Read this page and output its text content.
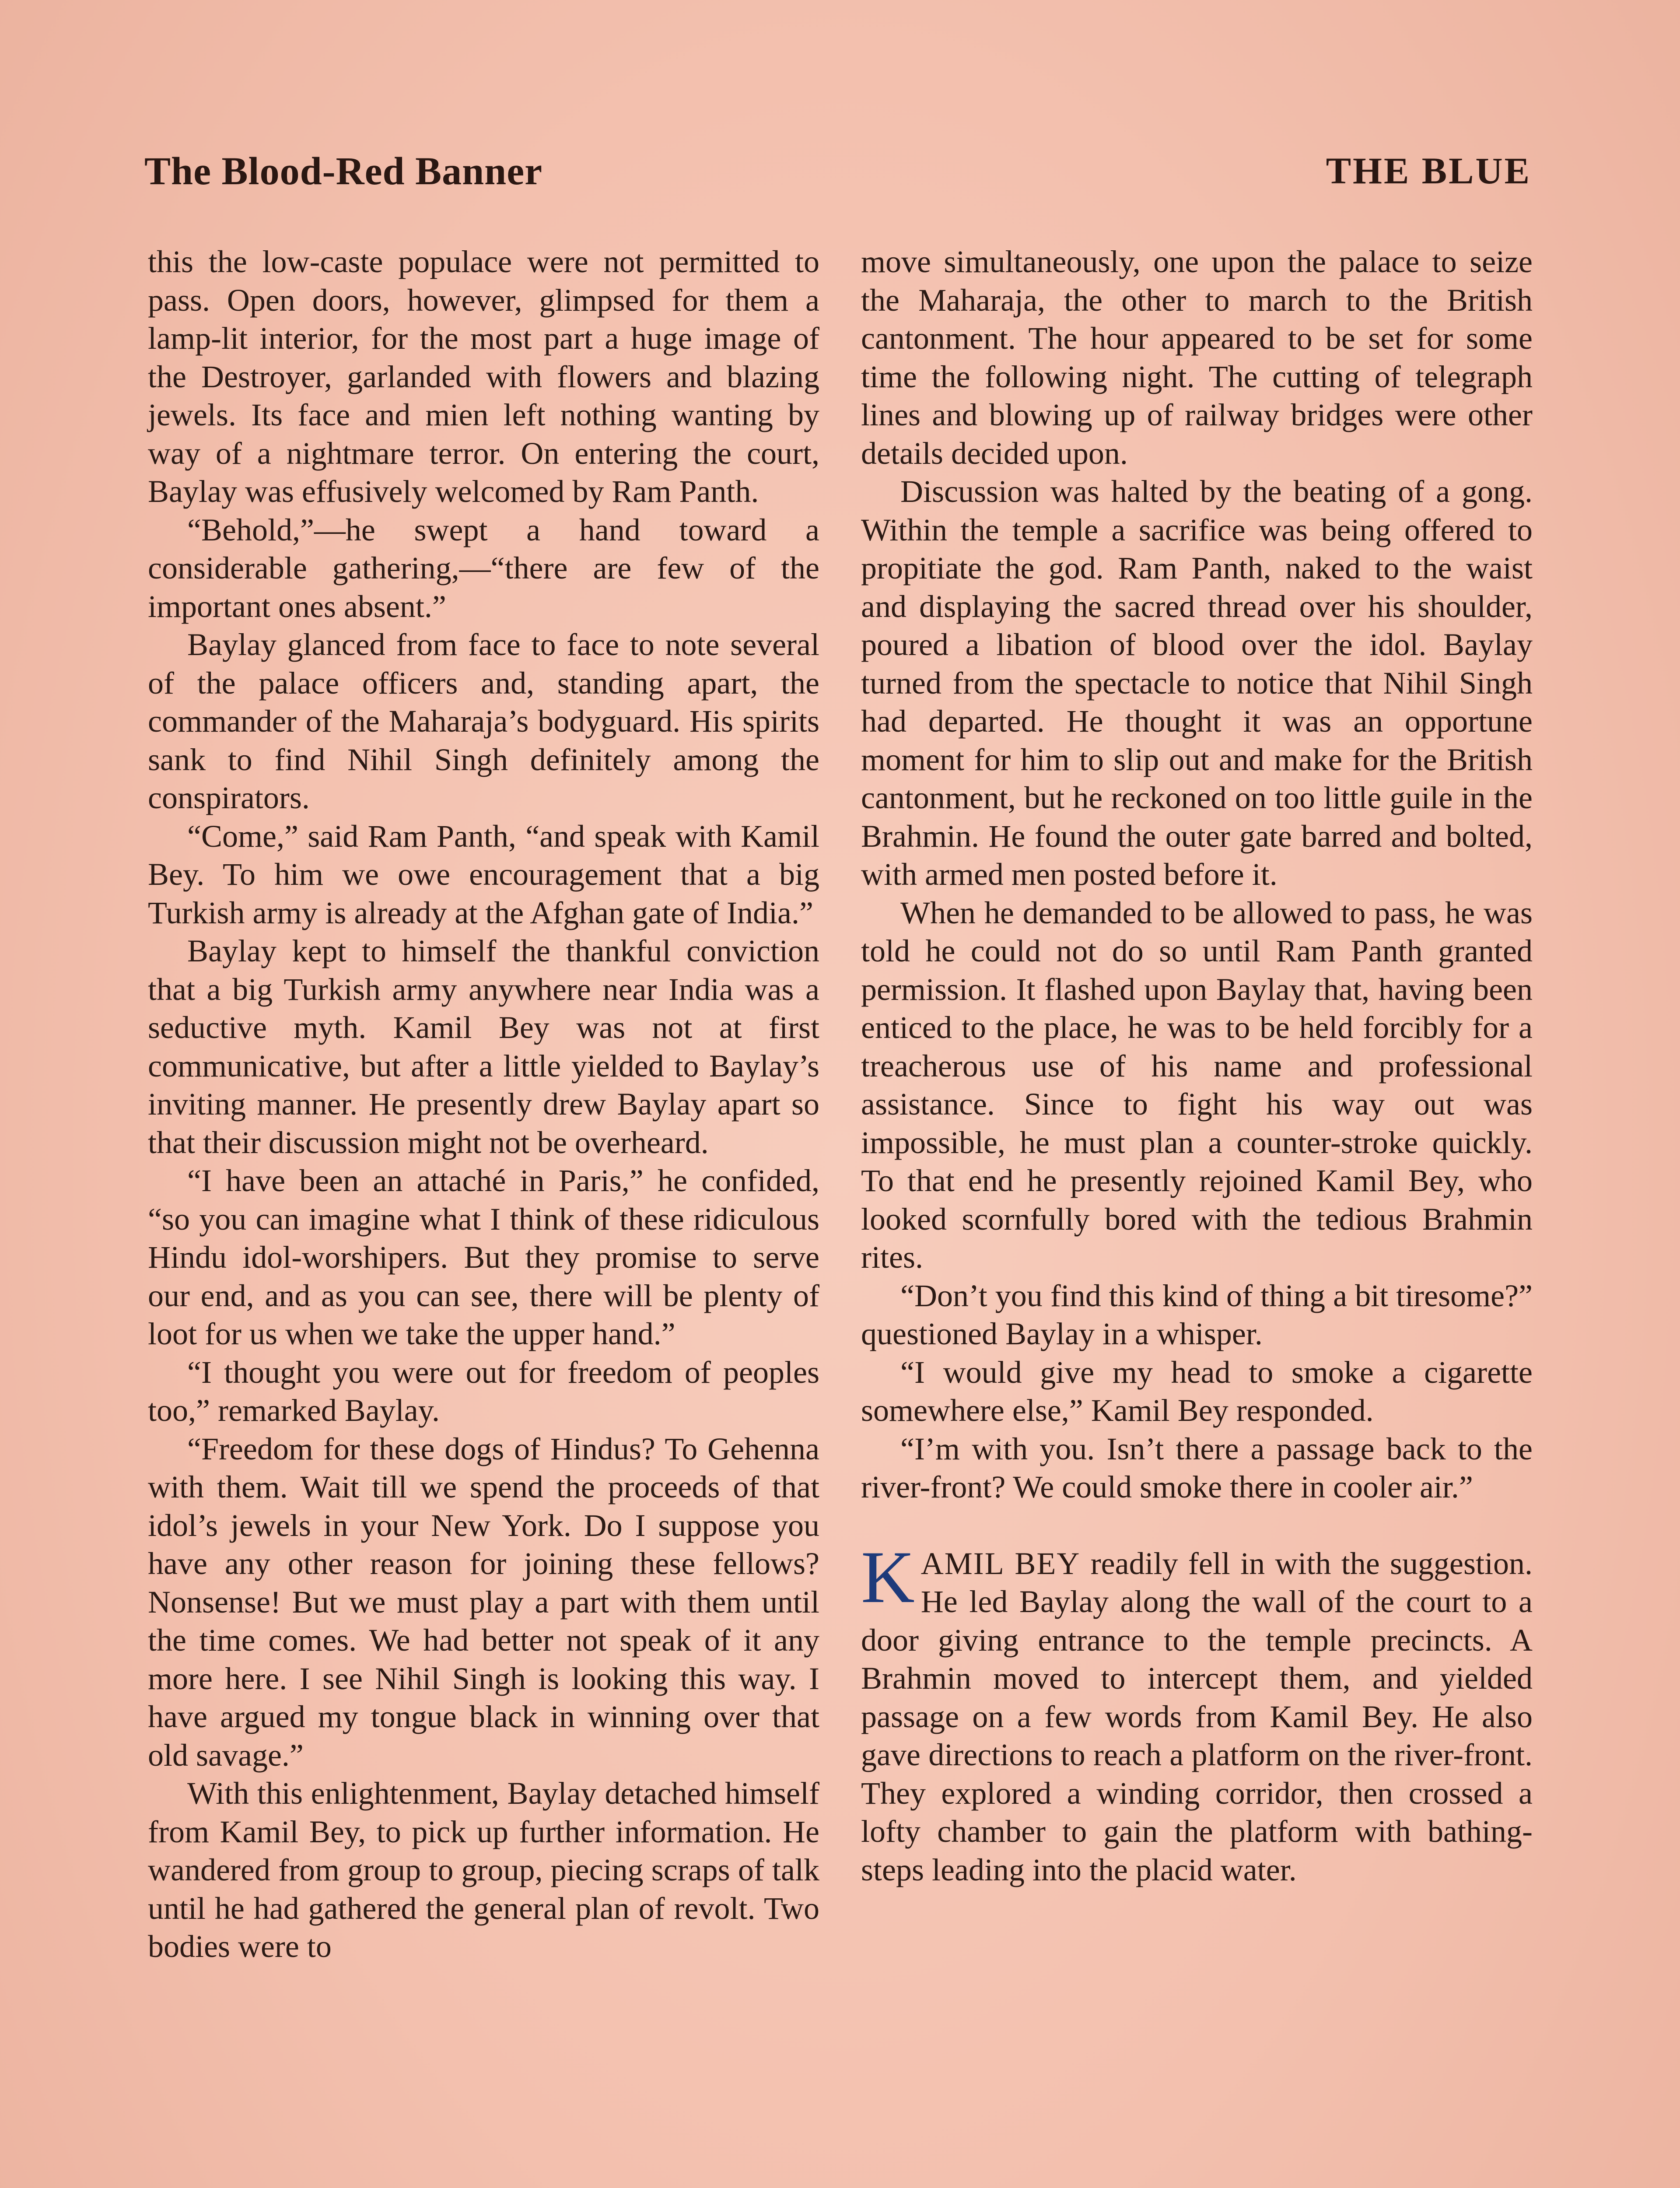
The Blood-Red Banner	THE BLUE

this the low-caste populace were not permitted to pass. Open doors, however, glimpsed for them a lamp-lit interior, for the most part a huge image of the Destroyer, garlanded with flowers and blazing jewels. Its face and mien left nothing wanting by way of a nightmare terror. On entering the court, Baylay was effusively welcomed by Ram Panth.

“Behold,”—he swept a hand toward a considerable gathering,—“there are few of the important ones absent.”

Baylay glanced from face to face to note several of the palace officers and, standing apart, the commander of the Maharaja’s bodyguard. His spirits sank to find Nihil Singh definitely among the conspirators.

“Come,” said Ram Panth, “and speak with Kamil Bey. To him we owe encouragement that a big Turkish army is already at the Afghan gate of India.”

Baylay kept to himself the thankful conviction that a big Turkish army anywhere near India was a seductive myth. Kamil Bey was not at first communicative, but after a little yielded to Baylay’s inviting manner. He presently drew Baylay apart so that their discussion might not be overheard.

“I have been an attaché in Paris,” he confided, “so you can imagine what I think of these ridiculous Hindu idol-worshipers. But they promise to serve our end, and as you can see, there will be plenty of loot for us when we take the upper hand.”

“I thought you were out for freedom of peoples too,” remarked Baylay.

“Freedom for these dogs of Hindus? To Gehenna with them. Wait till we spend the proceeds of that idol’s jewels in your New York. Do I suppose you have any other reason for joining these fellows? Nonsense! But we must play a part with them until the time comes. We had better not speak of it any more here. I see Nihil Singh is looking this way. I have argued my tongue black in winning over that old savage.”

With this enlightenment, Baylay detached himself from Kamil Bey, to pick up further information. He wandered from group to group, piecing scraps of talk until he had gathered the general plan of revolt. Two bodies were to

move simultaneously, one upon the palace to seize the Maharaja, the other to march to the British cantonment. The hour appeared to be set for some time the following night. The cutting of telegraph lines and blowing up of railway bridges were other details decided upon.

Discussion was halted by the beating of a gong. Within the temple a sacrifice was being offered to propitiate the god. Ram Panth, naked to the waist and displaying the sacred thread over his shoulder, poured a libation of blood over the idol. Baylay turned from the spectacle to notice that Nihil Singh had departed. He thought it was an opportune moment for him to slip out and make for the British cantonment, but he reckoned on too little guile in the Brahmin. He found the outer gate barred and bolted, with armed men posted before it.

When he demanded to be allowed to pass, he was told he could not do so until Ram Panth granted permission. It flashed upon Baylay that, having been enticed to the place, he was to be held forcibly for a treacherous use of his name and professional assistance. Since to fight his way out was impossible, he must plan a counter-stroke quickly. To that end he presently rejoined Kamil Bey, who looked scornfully bored with the tedious Brahmin rites.

“Don’t you find this kind of thing a bit tiresome?” questioned Baylay in a whisper.

“I would give my head to smoke a cigarette somewhere else,” Kamil Bey responded.

“I’m with you. Isn’t there a passage back to the river-front? We could smoke there in cooler air.”

KAMIL BEY readily fell in with the suggestion. He led Baylay along the wall of the court to a door giving entrance to the temple precincts. A Brahmin moved to intercept them, and yielded passage on a few words from Kamil Bey. He also gave directions to reach a platform on the river-front. They explored a winding corridor, then crossed a lofty chamber to gain the platform with bathing-steps leading into the placid water.
